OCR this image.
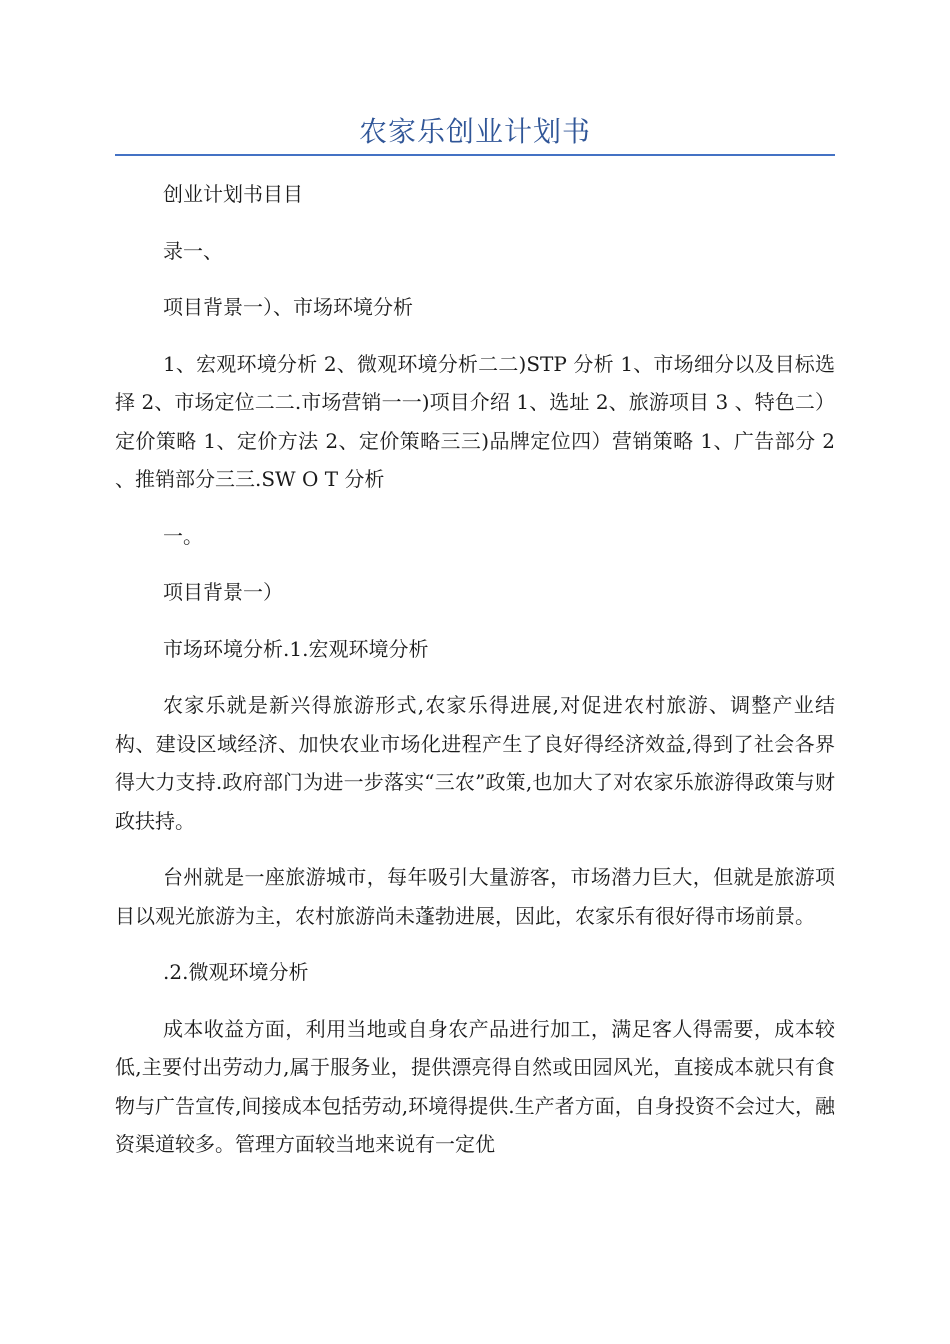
农家乐创业计划书

创业计划书目目

录一、

项目背景一）、市场环境分析

1、宏观环境分析 2、微观环境分析二二)STP 分析 1、市场细分以及目标选择 2、市场定位二二.市场营销一一)项目介绍 1、选址 2、旅游项目 3 、特色二）定价策略 1、定价方法 2、定价策略三三)品牌定位四）营销策略 1、广告部分 2 、推销部分三三.SW O T 分析

一。

项目背景一）

市场环境分析.1.宏观环境分析

农家乐就是新兴得旅游形式,农家乐得进展,对促进农村旅游、调整产业结构、建设区域经济、加快农业市场化进程产生了良好得经济效益,得到了社会各界得大力支持.政府部门为进一步落实“三农”政策,也加大了对农家乐旅游得政策与财政扶持。

台州就是一座旅游城市，每年吸引大量游客，市场潜力巨大，但就是旅游项目以观光旅游为主，农村旅游尚未蓬勃进展，因此，农家乐有很好得市场前景。

.2.微观环境分析

成本收益方面，利用当地或自身农产品进行加工，满足客人得需要，成本较低,主要付出劳动力,属于服务业，提供漂亮得自然或田园风光，直接成本就只有食物与广告宣传,间接成本包括劳动,环境得提供.生产者方面，自身投资不会过大，融资渠道较多。管理方面较当地来说有一定优
